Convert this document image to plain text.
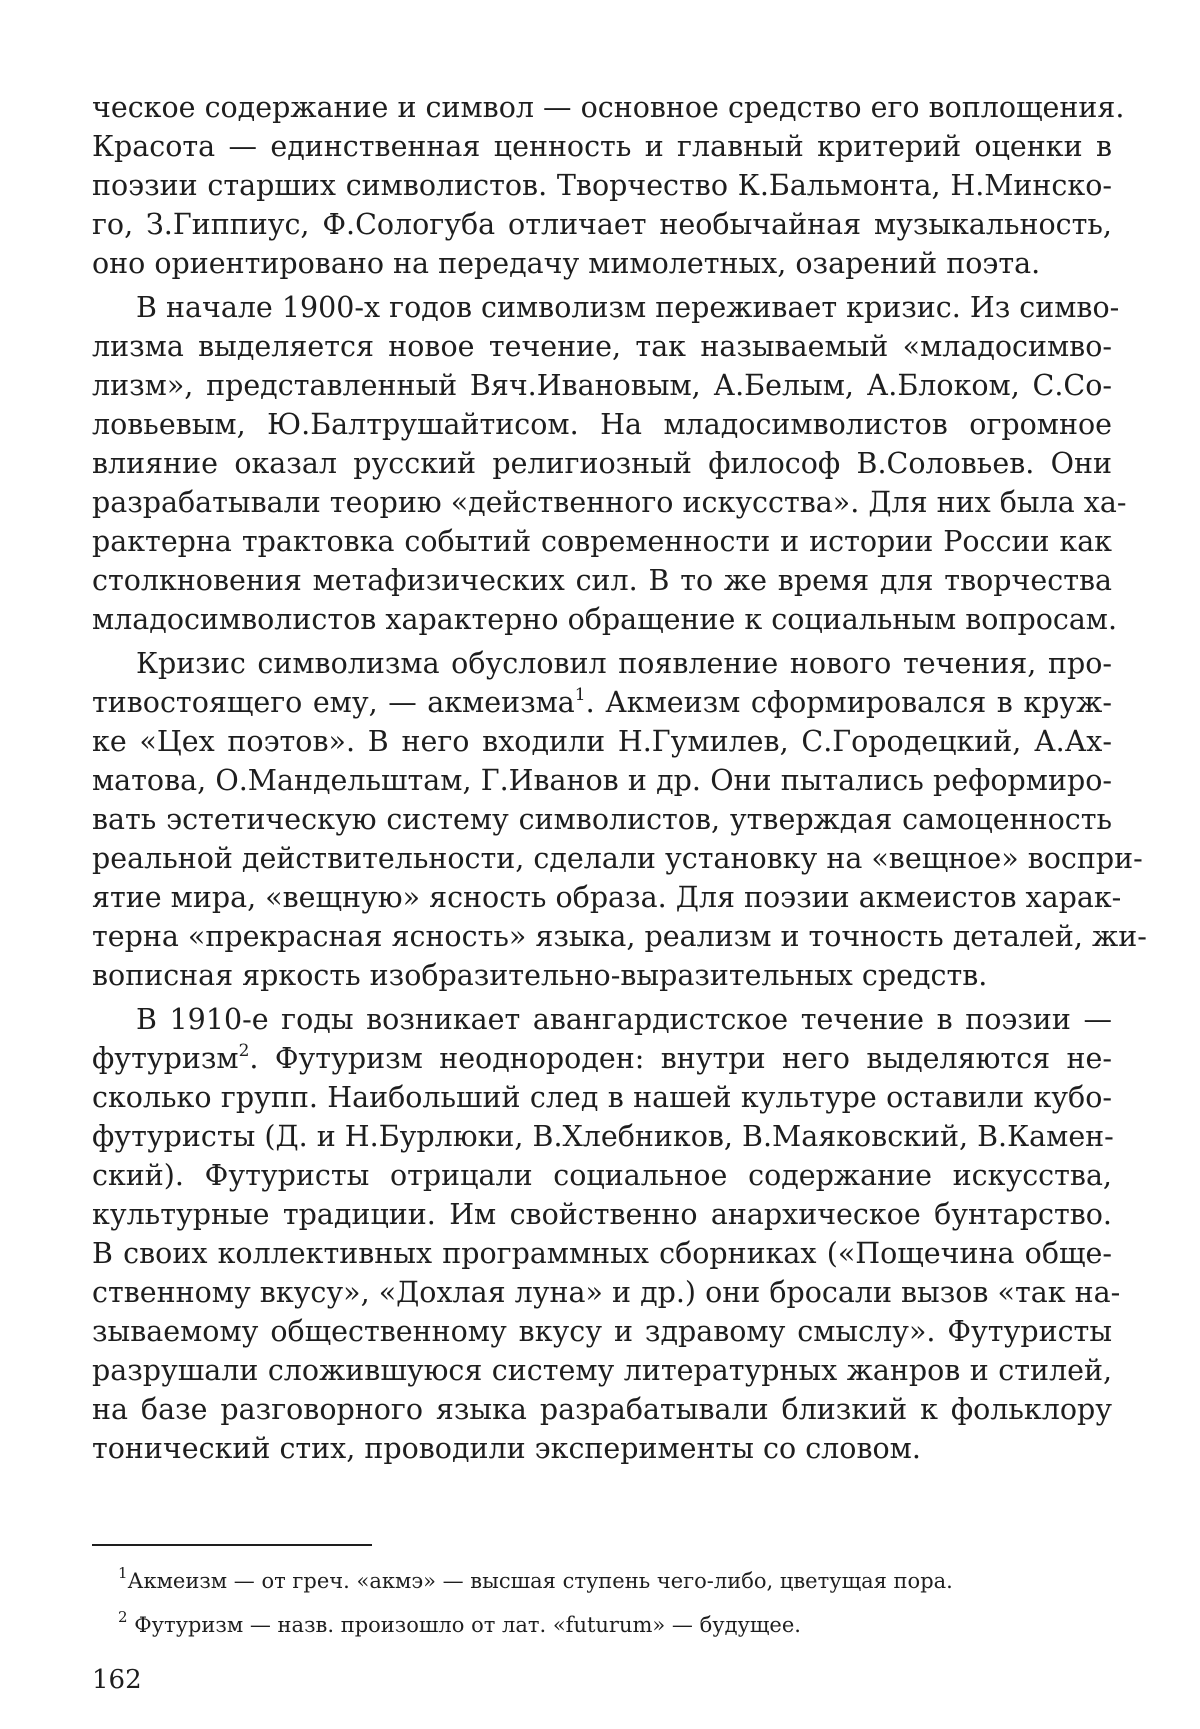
ческое содержание и символ — основное средство его воплощения.
Красота — единственная ценность и главный критерий оценки в
поэзии старших символистов. Творчество К.Бальмонта, Н.Минско-
го, З.Гиппиус, Ф.Сологуба отличает необычайная музыкальность,
оно ориентировано на передачу мимолетных, озарений поэта.
В начале 1900-х годов символизм переживает кризис. Из симво-
лизма выделяется новое течение, так называемый «младосимво-
лизм», представленный Вяч.Ивановым, А.Белым, А.Блоком, С.Со-
ловьевым, Ю.Балтрушайтисом. На младосимволистов огромное
влияние оказал русский религиозный философ В.Соловьев. Они
разрабатывали теорию «действенного искусства». Для них была ха-
рактерна трактовка событий современности и истории России как
столкновения метафизических сил. В то же время для творчества
младосимволистов характерно обращение к социальным вопросам.
Кризис символизма обусловил появление нового течения, про-
тивостоящего ему, — акмеизма$^1$. Акмеизм сформировался в круж-
ке «Цех поэтов». В него входили Н.Гумилев, С.Городецкий, А.Ах-
матова, О.Мандельштам, Г.Иванов и др. Они пытались реформиро-
вать эстетическую систему символистов, утверждая самоценность
реальной действительности, сделали установку на «вещное» воспри-
ятие мира, «вещную» ясность образа. Для поэзии акмеистов харак-
терна «прекрасная ясность» языка, реализм и точность деталей, жи-
вописная яркость изобразительно-выразительных средств.
В 1910-е годы возникает авангардистское течение в поэзии —
футуризм$^2$. Футуризм неоднороден: внутри него выделяются не-
сколько групп. Наибольший след в нашей культуре оставили кубо-
футуристы (Д. и Н.Бурлюки, В.Хлебников, В.Маяковский, В.Камен-
ский). Футуристы отрицали социальное содержание искусства,
культурные традиции. Им свойственно анархическое бунтарство.
В своих коллективных программных сборниках («Пощечина обще-
ственному вкусу», «Дохлая луна» и др.) они бросали вызов «так на-
зываемому общественному вкусу и здравому смыслу». Футуристы
разрушали сложившуюся систему литературных жанров и стилей,
на базе разговорного языка разрабатывали близкий к фольклору
тонический стих, проводили эксперименты со словом.
$^1$Акмеизм — от греч. «акмэ» — высшая ступень чего-либо, цветущая пора.
$^2$ Футуризм — назв. произошло от лат. «futurum» — будущее.
162
